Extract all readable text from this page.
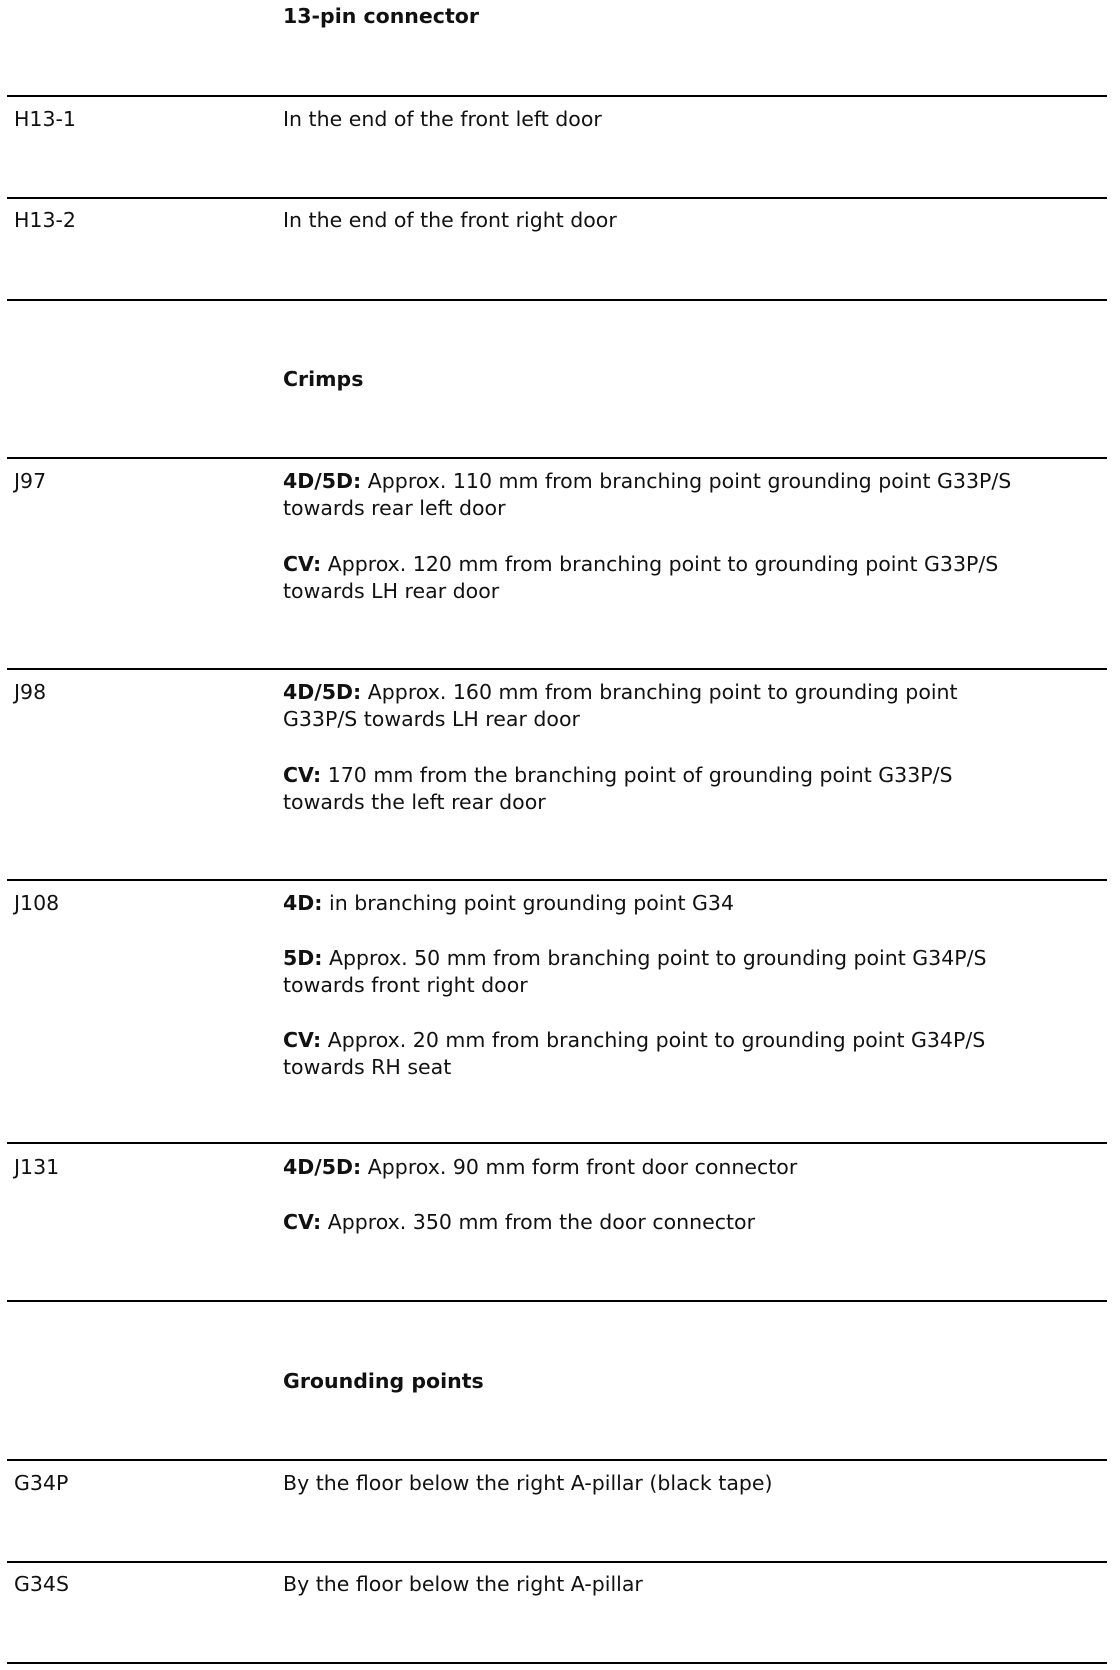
13-pin connector
H13-1	In the end of the front left door
H13-2	In the end of the front right door
Crimps
J97	4D/5D: Approx. 110 mm from branching point grounding point G33P/S
towards rear left door
CV: Approx. 120 mm from branching point to grounding point G33P/S
towards LH rear door
J98	4D/5D: Approx. 160 mm from branching point to grounding point
G33P/S towards LH rear door
CV: 170 mm from the branching point of grounding point G33P/S
towards the left rear door
J108	4D: in branching point grounding point G34
5D: Approx. 50 mm from branching point to grounding point G34P/S
towards front right door
CV: Approx. 20 mm from branching point to grounding point G34P/S
towards RH seat
J131	4D/5D: Approx. 90 mm form front door connector
CV: Approx. 350 mm from the door connector
Grounding points
G34P	By the floor below the right A-pillar (black tape)
G34S	By the floor below the right A-pillar
